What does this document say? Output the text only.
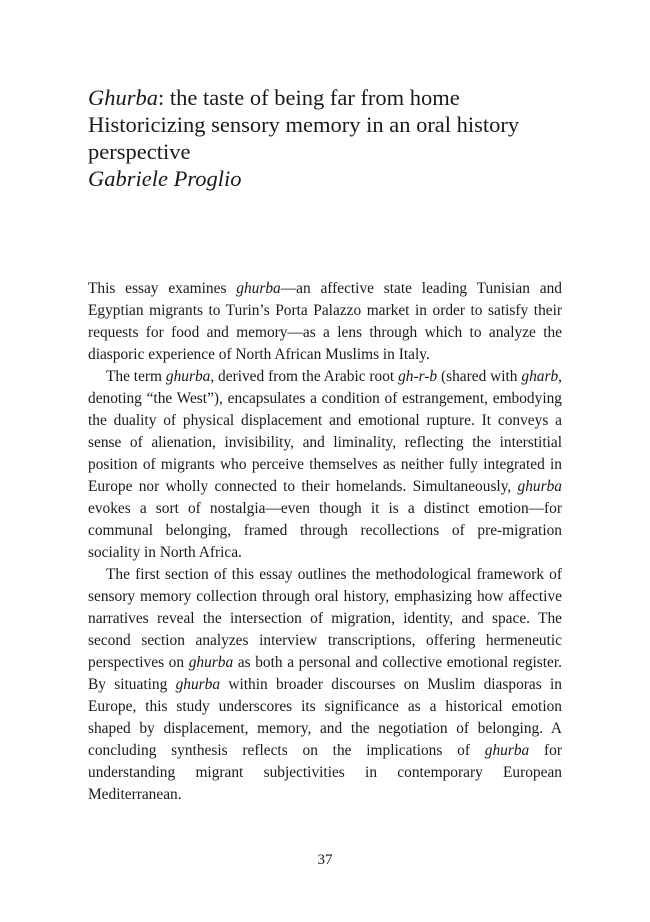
Ghurba: the taste of being far from home
Historicizing sensory memory in an oral history perspective
Gabriele Proglio

This essay examines ghurba—an affective state leading Tunisian and Egyptian migrants to Turin’s Porta Palazzo market in order to satisfy their requests for food and memory—as a lens through which to analyze the diasporic experience of North African Muslims in Italy.

The term ghurba, derived from the Arabic root gh-r-b (shared with gharb, denoting “the West”), encapsulates a condition of estrangement, embodying the duality of physical displacement and emotional rupture. It conveys a sense of alienation, invisibility, and liminality, reflecting the interstitial position of migrants who perceive themselves as neither fully integrated in Europe nor wholly connected to their homelands. Simultaneously, ghurba evokes a sort of nostalgia—even though it is a distinct emotion—for communal belonging, framed through recollections of pre-migration sociality in North Africa.

The first section of this essay outlines the methodological framework of sensory memory collection through oral history, emphasizing how affective narratives reveal the intersection of migration, identity, and space. The second section analyzes interview transcriptions, offering hermeneutic perspectives on ghurba as both a personal and collective emotional register. By situating ghurba within broader discourses on Muslim diasporas in Europe, this study underscores its significance as a historical emotion shaped by displacement, memory, and the negotiation of belonging. A concluding synthesis reflects on the implications of ghurba for understanding migrant subjectivities in contemporary European Mediterranean.

37
